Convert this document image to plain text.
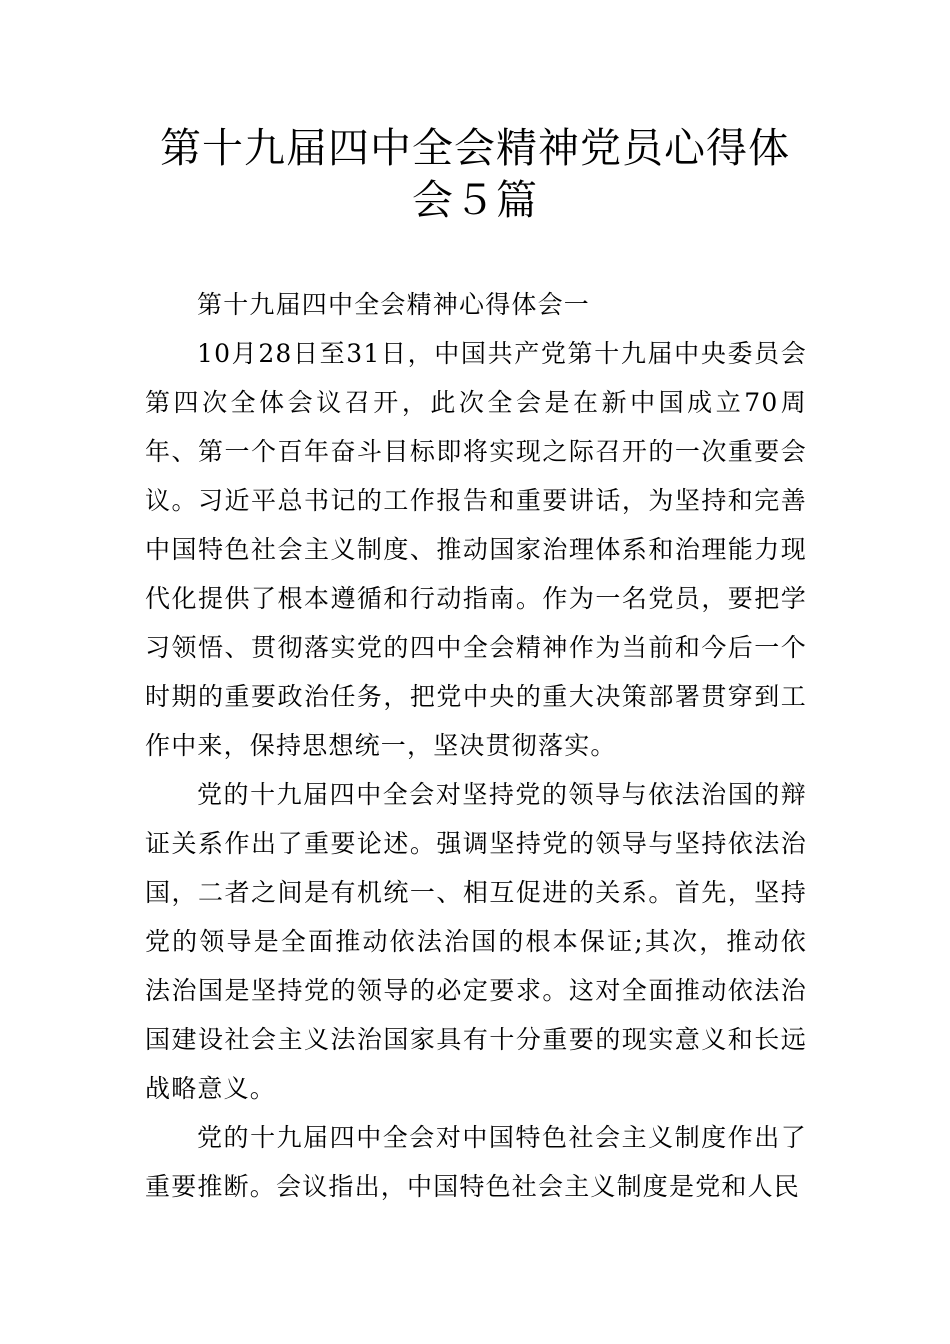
第十九届四中全会精神党员心得体会５篇

第十九届四中全会精神心得体会一

10月28日至31日，中国共产党第十九届中央委员会第四次全体会议召开，此次全会是在新中国成立70周年、第一个百年奋斗目标即将实现之际召开的一次重要会议。习近平总书记的工作报告和重要讲话，为坚持和完善中国特色社会主义制度、推动国家治理体系和治理能力现代化提供了根本遵循和行动指南。作为一名党员，要把学习领悟、贯彻落实党的四中全会精神作为当前和今后一个时期的重要政治任务，把党中央的重大决策部署贯穿到工作中来，保持思想统一，坚决贯彻落实。

党的十九届四中全会对坚持党的领导与依法治国的辩证关系作出了重要论述。强调坚持党的领导与坚持依法治国，二者之间是有机统一、相互促进的关系。首先，坚持党的领导是全面推动依法治国的根本保证;其次，推动依法治国是坚持党的领导的必定要求。这对全面推动依法治国建设社会主义法治国家具有十分重要的现实意义和长远战略意义。

党的十九届四中全会对中国特色社会主义制度作出了重要推断。会议指出，中国特色社会主义制度是党和人民
